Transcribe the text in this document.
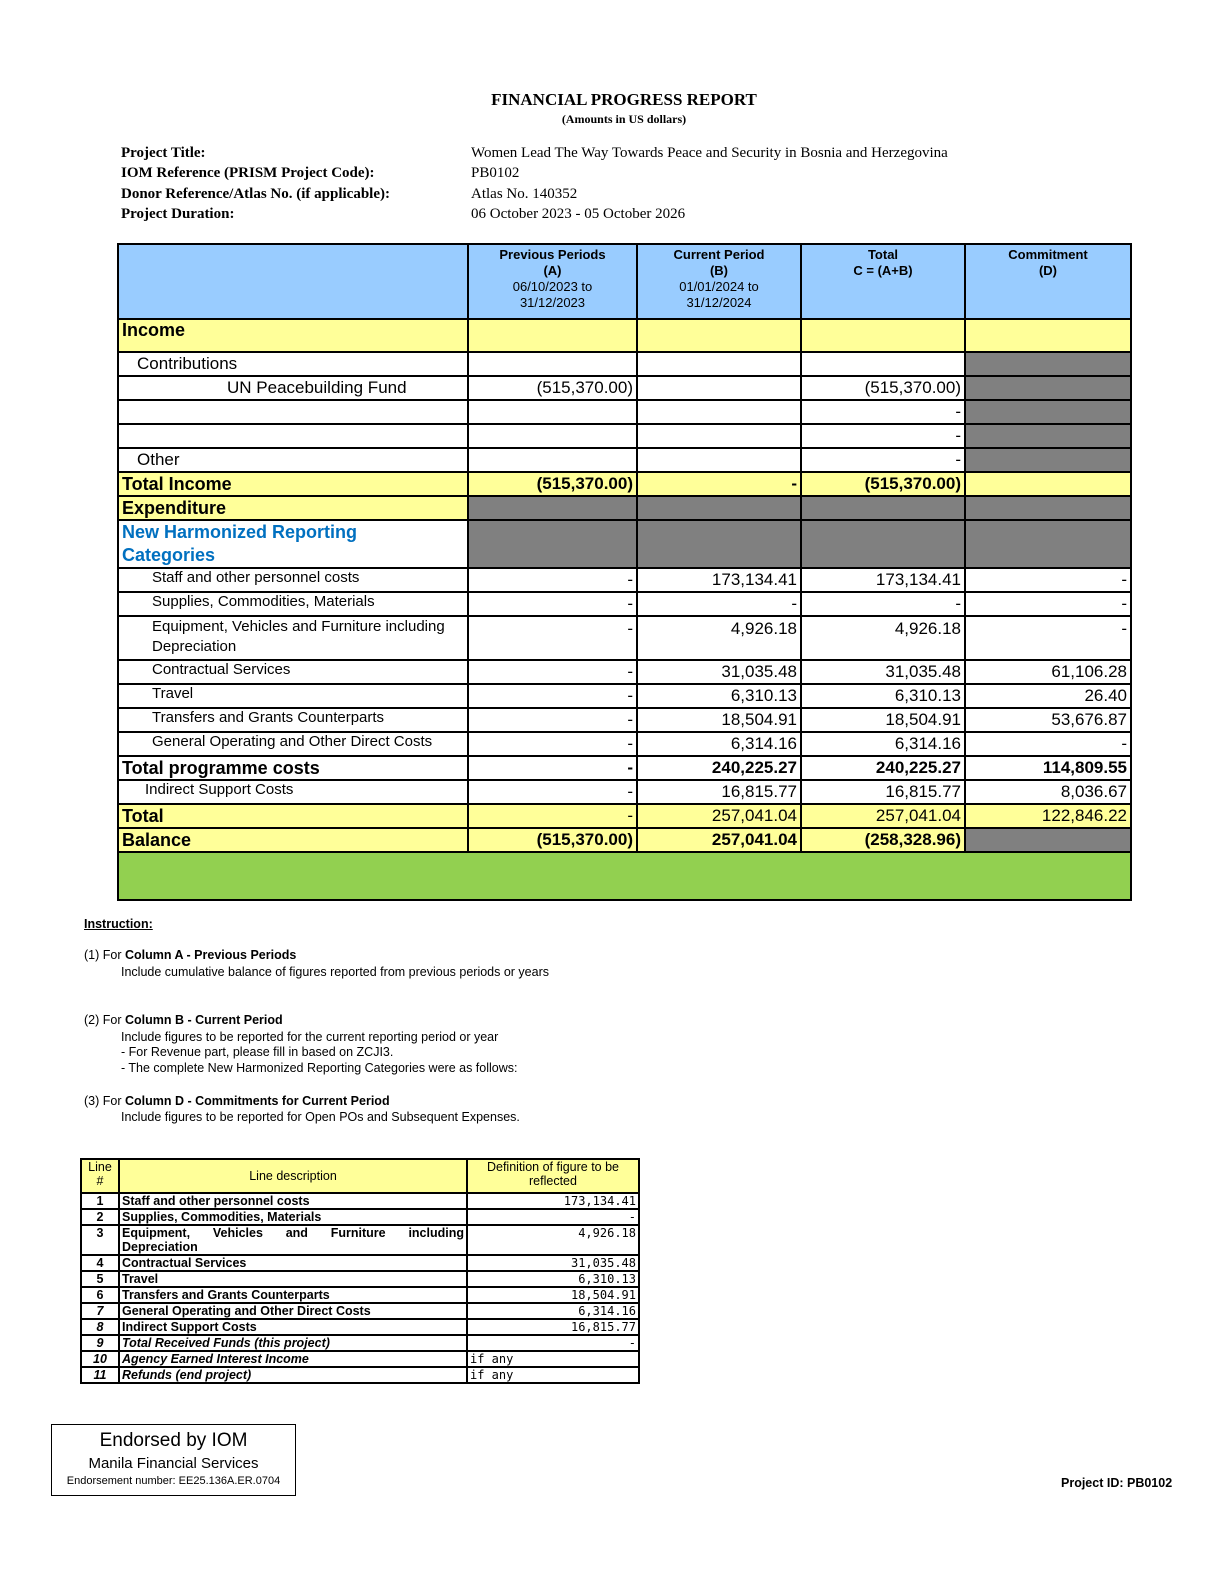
FINANCIAL PROGRESS REPORT
(Amounts in US dollars)
Project Title:	Women Lead The Way Towards Peace and Security in Bosnia and Herzegovina
IOM Reference (PRISM Project Code):	PB0102
Donor Reference/Atlas No. (if applicable):	Atlas No. 140352
Project Duration:	06 October 2023 - 05 October 2026
	Previous Periods
(A)
06/10/2023 to
31/12/2023	Current Period
(B)
01/01/2024 to
31/12/2024	Total
C = (A+B)	Commitment
(D)
Income				
Contributions				
UN Peacebuilding Fund	(515,370.00)		(515,370.00)	
			-	
			-	
Other			-	
Total Income	(515,370.00)	-	(515,370.00)	
Expenditure				
New Harmonized Reporting Categories				
Staff and other personnel costs	-	173,134.41	173,134.41	-
Supplies, Commodities, Materials	-	-	-	-
Equipment, Vehicles and Furniture including Depreciation	-	4,926.18	4,926.18	-
Contractual Services	-	31,035.48	31,035.48	61,106.28
Travel	-	6,310.13	6,310.13	26.40
Transfers and Grants Counterparts	-	18,504.91	18,504.91	53,676.87
General Operating and Other Direct Costs	-	6,314.16	6,314.16	-
Total programme costs	-	240,225.27	240,225.27	114,809.55
Indirect Support Costs	-	16,815.77	16,815.77	8,036.67
Total	-	257,041.04	257,041.04	122,846.22
Balance	(515,370.00)	257,041.04	(258,328.96)	

Instruction:
(1) For Column A - Previous Periods
Include cumulative balance of figures reported from previous periods or years
(2) For Column B - Current Period
Include figures to be reported for the current reporting period or year
- For Revenue part, please fill in based on ZCJI3.
- The complete New Harmonized Reporting Categories were as follows:
(3) For Column D - Commitments for Current Period
Include figures to be reported for Open POs and Subsequent Expenses.
Line #	Line description	Definition of figure to be reflected
1	Staff and other personnel costs	173,134.41
2	Supplies, Commodities, Materials	-
3	Equipment, Vehicles and Furniture including Depreciation	4,926.18
4	Contractual Services	31,035.48
5	Travel	6,310.13
6	Transfers and Grants Counterparts	18,504.91
7	General Operating and Other Direct Costs	6,314.16
8	Indirect Support Costs	16,815.77
9	Total Received Funds (this project)	-
10	Agency Earned Interest Income	if any
11	Refunds (end project)	if any
Endorsed by IOM
Manila Financial Services
Endorsement number: EE25.136A.ER.0704	Project ID: PB0102
